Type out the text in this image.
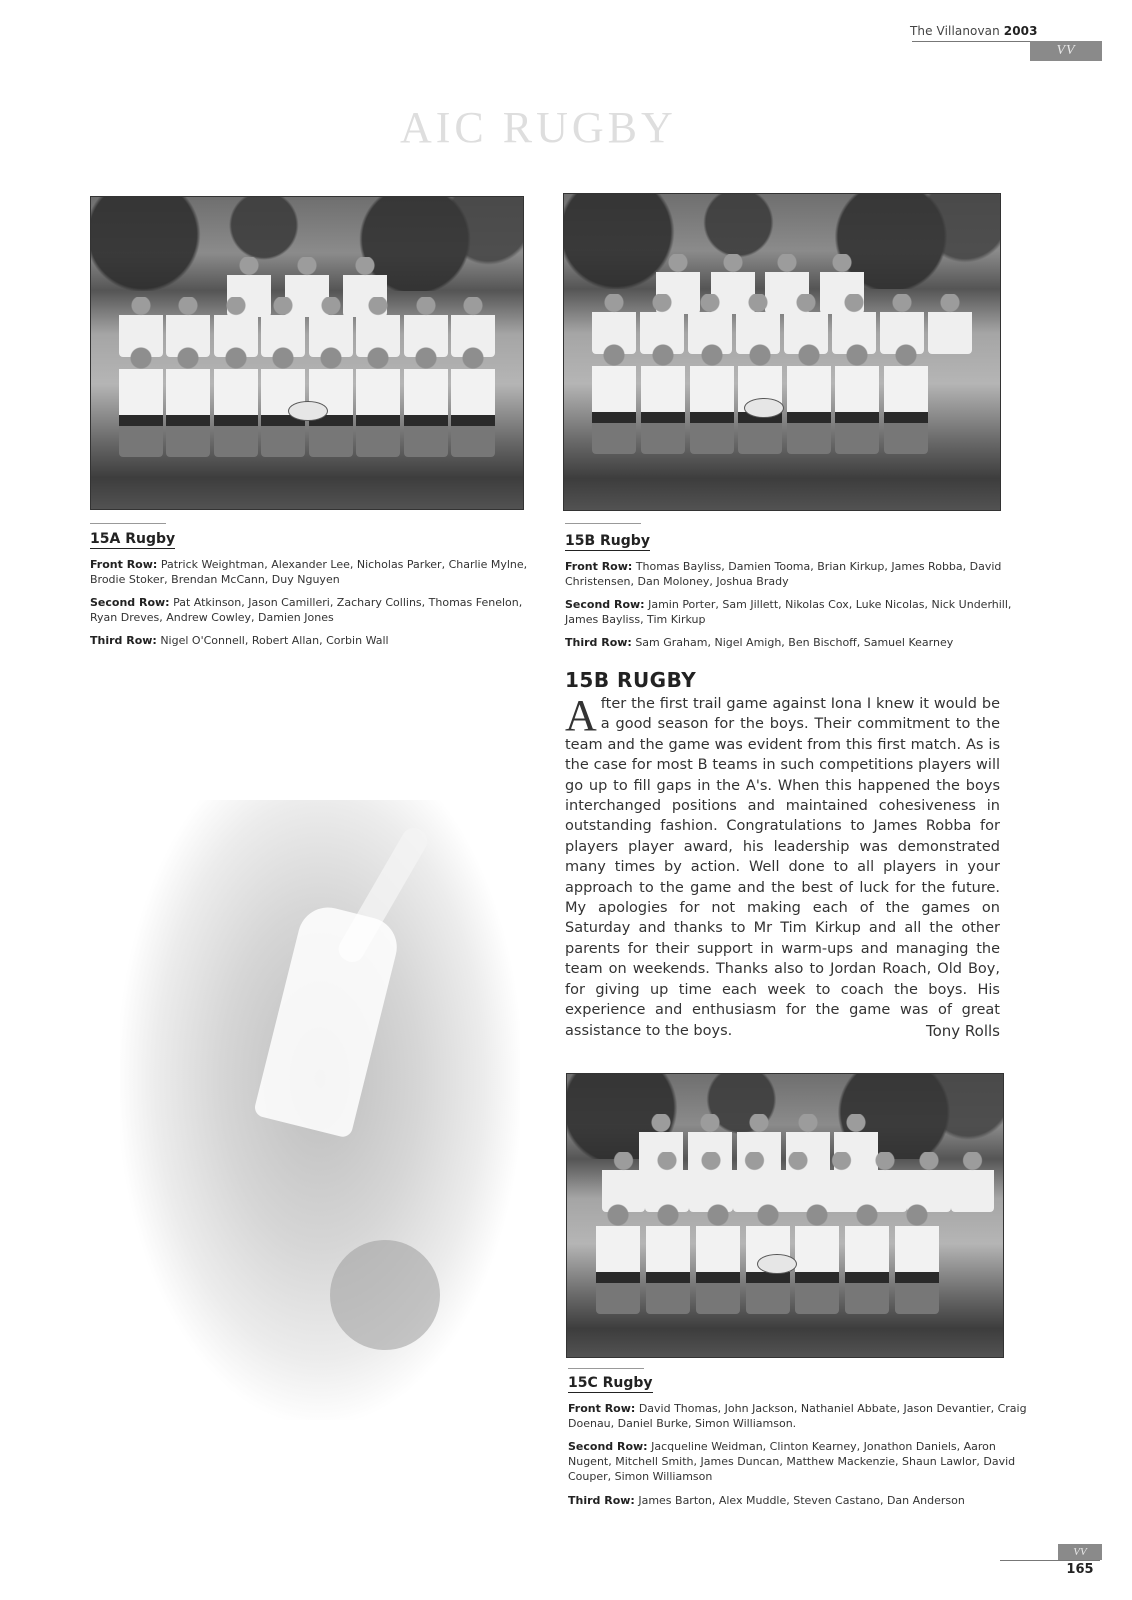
The Villanovan 2003
VV
AIC RUGBY
15A Rugby
Front Row: Patrick Weightman, Alexander Lee, Nicholas Parker, Charlie Mylne, Brodie Stoker, Brendan McCann, Duy Nguyen
Second Row: Pat Atkinson, Jason Camilleri, Zachary Collins, Thomas Fenelon, Ryan Dreves, Andrew Cowley, Damien Jones
Third Row: Nigel O'Connell, Robert Allan, Corbin Wall
15B Rugby
Front Row: Thomas Bayliss, Damien Tooma, Brian Kirkup, James Robba, David Christensen, Dan Moloney, Joshua Brady
Second Row: Jamin Porter, Sam Jillett, Nikolas Cox, Luke Nicolas, Nick Underhill, James Bayliss, Tim Kirkup
Third Row: Sam Graham, Nigel Amigh, Ben Bischoff, Samuel Kearney
15B RUGBY
After the first trail game against Iona I knew it would be a good season for the boys. Their commitment to the team and the game was evident from this first match. As is the case for most B teams in such competitions players will go up to fill gaps in the A's. When this happened the boys interchanged positions and maintained cohesiveness in outstanding fashion. Congratulations to James Robba for players player award, his leadership was demonstrated many times by action. Well done to all players in your approach to the game and the best of luck for the future. My apologies for not making each of the games on Saturday and thanks to Mr Tim Kirkup and all the other parents for their support in warm-ups and managing the team on weekends. Thanks also to Jordan Roach, Old Boy, for giving up time each week to coach the boys. His experience and enthusiasm for the game was of great assistance to the boys.	Tony Rolls
15C Rugby
Front Row: David Thomas, John Jackson, Nathaniel Abbate, Jason Devantier, Craig Doenau, Daniel Burke, Simon Williamson.
Second Row: Jacqueline Weidman, Clinton Kearney, Jonathon Daniels, Aaron Nugent, Mitchell Smith, James Duncan, Matthew Mackenzie, Shaun Lawlor, David Couper, Simon Williamson
Third Row: James Barton, Alex Muddle, Steven Castano, Dan Anderson
VV
165
